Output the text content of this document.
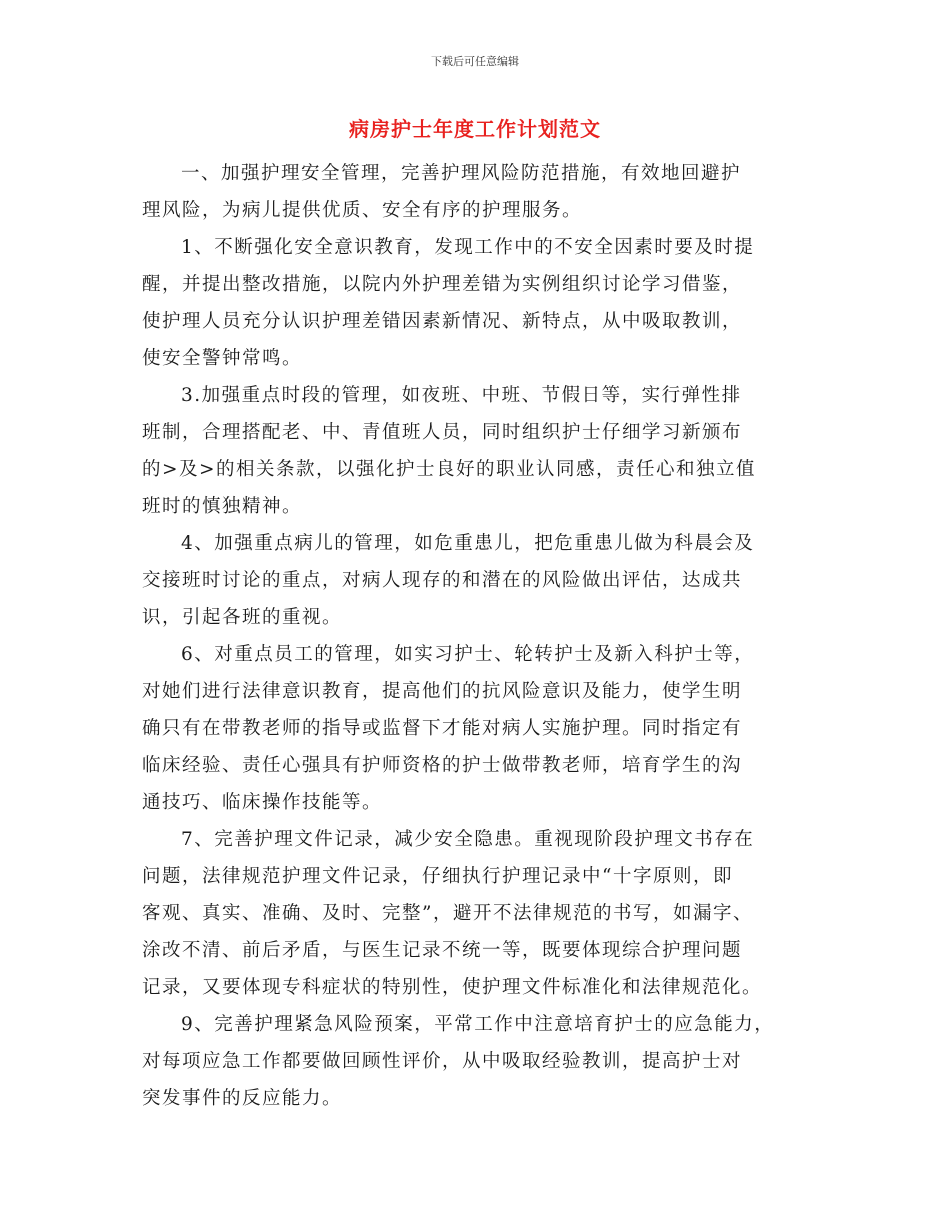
下载后可任意编辑
病房护士年度工作计划范文

一、加强护理安全管理，完善护理风险防范措施，有效地回避护
理风险，为病儿提供优质、安全有序的护理服务。

1、不断强化安全意识教育，发现工作中的不安全因素时要及时提
醒，并提出整改措施，以院内外护理差错为实例组织讨论学习借鉴，
使护理人员充分认识护理差错因素新情况、新特点，从中吸取教训，
使安全警钟常鸣。

3.加强重点时段的管理，如夜班、中班、节假日等，实行弹性排
班制，合理搭配老、中、青值班人员，同时组织护士仔细学习新颁布
的>及>的相关条款，以强化护士良好的职业认同感，责任心和独立值
班时的慎独精神。

4、加强重点病儿的管理，如危重患儿，把危重患儿做为科晨会及
交接班时讨论的重点，对病人现存的和潜在的风险做出评估，达成共
识，引起各班的重视。

6、对重点员工的管理，如实习护士、轮转护士及新入科护士等，
对她们进行法律意识教育，提高他们的抗风险意识及能力，使学生明
确只有在带教老师的指导或监督下才能对病人实施护理。同时指定有
临床经验、责任心强具有护师资格的护士做带教老师，培育学生的沟
通技巧、临床操作技能等。

7、完善护理文件记录，减少安全隐患。重视现阶段护理文书存在
问题，法律规范护理文件记录，仔细执行护理记录中“十字原则，即
客观、真实、准确、及时、完整”，避开不法律规范的书写，如漏字、
涂改不清、前后矛盾，与医生记录不统一等，既要体现综合护理问题
记录，又要体现专科症状的特别性，使护理文件标准化和法律规范化。

9、完善护理紧急风险预案，平常工作中注意培育护士的应急能力，
对每项应急工作都要做回顾性评价，从中吸取经验教训，提高护士对
突发事件的反应能力。
